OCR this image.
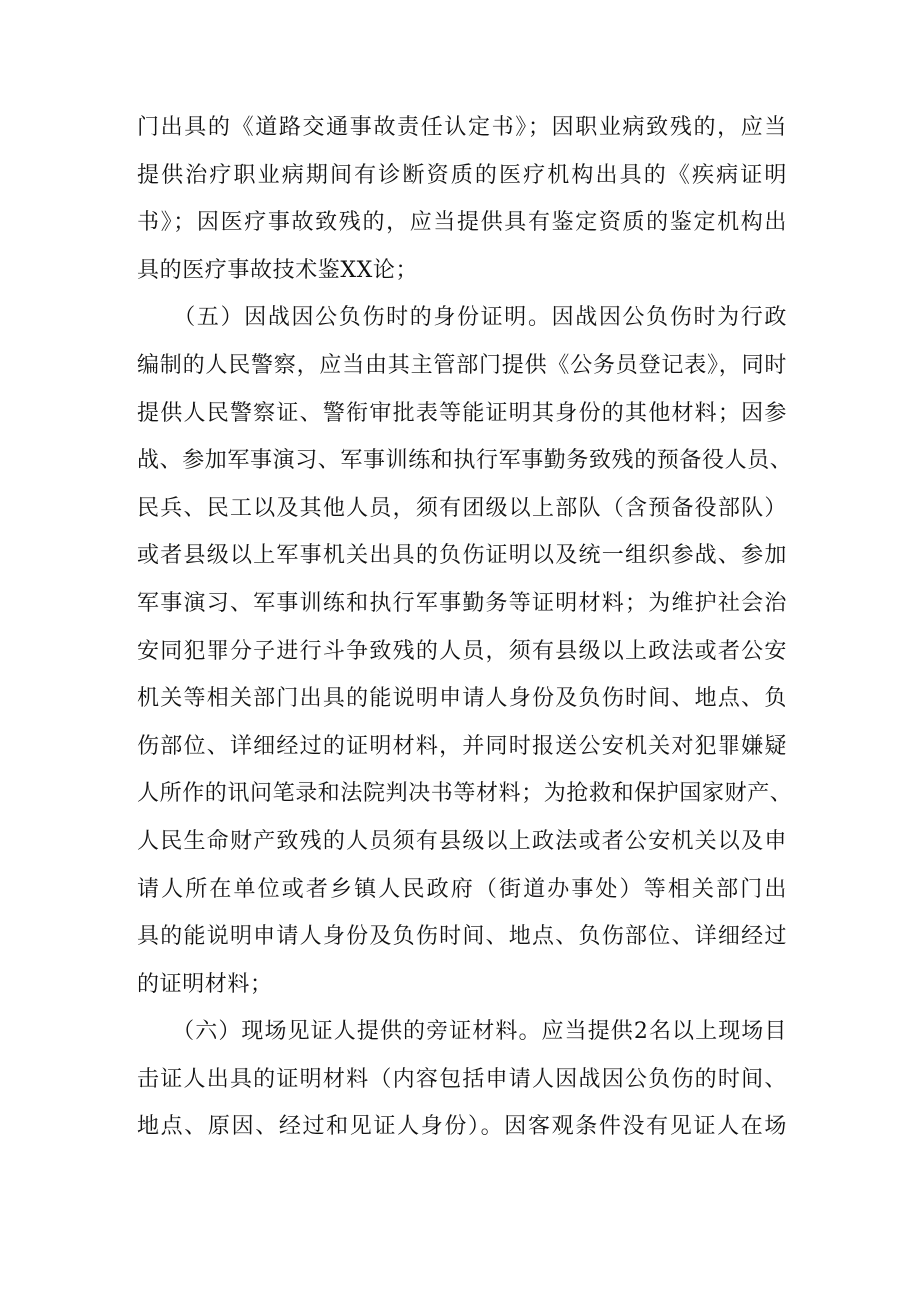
门出具的《道路交通事故责任认定书》；因职业病致残的，应当
提供治疗职业病期间有诊断资质的医疗机构出具的《疾病证明
书》；因医疗事故致残的，应当提供具有鉴定资质的鉴定机构出
具的医疗事故技术鉴XX论；
　　（五）因战因公负伤时的身份证明。因战因公负伤时为行政
编制的人民警察，应当由其主管部门提供《公务员登记表》，同时
提供人民警察证、警衔审批表等能证明其身份的其他材料；因参
战、参加军事演习、军事训练和执行军事勤务致残的预备役人员、
民兵、民工以及其他人员，须有团级以上部队（含预备役部队）
或者县级以上军事机关出具的负伤证明以及统一组织参战、参加
军事演习、军事训练和执行军事勤务等证明材料；为维护社会治
安同犯罪分子进行斗争致残的人员，须有县级以上政法或者公安
机关等相关部门出具的能说明申请人身份及负伤时间、地点、负
伤部位、详细经过的证明材料，并同时报送公安机关对犯罪嫌疑
人所作的讯问笔录和法院判决书等材料；为抢救和保护国家财产、
人民生命财产致残的人员须有县级以上政法或者公安机关以及申
请人所在单位或者乡镇人民政府（街道办事处）等相关部门出
具的能说明申请人身份及负伤时间、地点、负伤部位、详细经过
的证明材料；
　　（六）现场见证人提供的旁证材料。应当提供2名以上现场目
击证人出具的证明材料（内容包括申请人因战因公负伤的时间、
地点、原因、经过和见证人身份）。因客观条件没有见证人在场
